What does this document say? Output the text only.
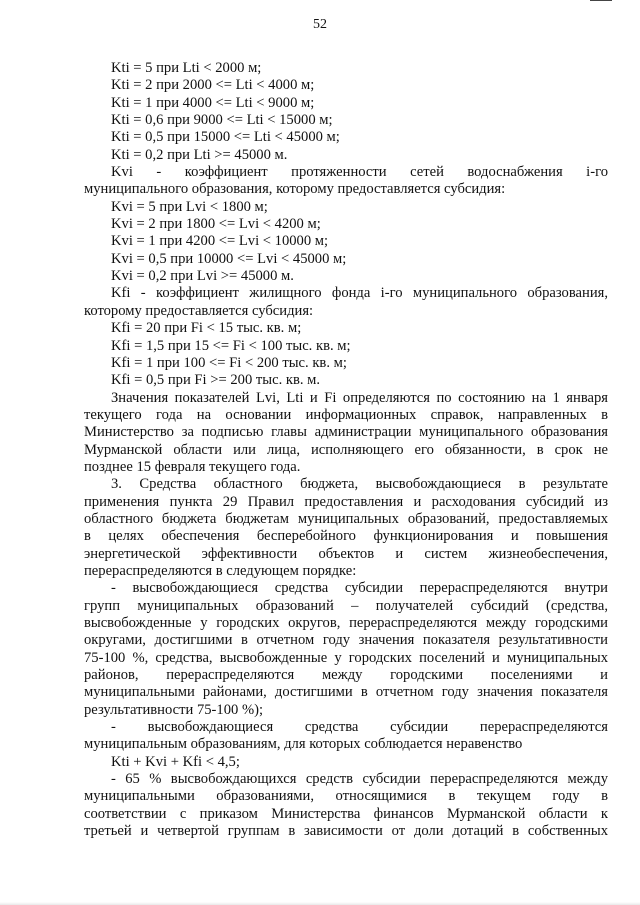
52
Kti = 5 при Lti < 2000 м;
Kti = 2 при 2000 <= Lti < 4000 м;
Kti = 1 при 4000 <= Lti < 9000 м;
Kti = 0,6 при 9000 <= Lti < 15000 м;
Kti = 0,5 при 15000 <= Lti < 45000 м;
Kti = 0,2 при Lti >= 45000 м.
Kvi - коэффициент протяженности сетей водоснабжения i-го
муниципального образования, которому предоставляется субсидия:
Kvi = 5 при Lvi < 1800 м;
Kvi = 2 при 1800 <= Lvi < 4200 м;
Kvi = 1 при 4200 <= Lvi < 10000 м;
Kvi = 0,5 при 10000 <= Lvi < 45000 м;
Kvi = 0,2 при Lvi >= 45000 м.
Kfi - коэффициент жилищного фонда i-го муниципального образования,
которому предоставляется субсидия:
Kfi = 20 при Fi < 15 тыс. кв. м;
Kfi = 1,5 при 15 <= Fi < 100 тыс. кв. м;
Kfi = 1 при 100 <= Fi < 200 тыс. кв. м;
Kfi = 0,5 при Fi >= 200 тыс. кв. м.
Значения показателей Lvi, Lti и Fi определяются по состоянию на 1 января
текущего года на основании информационных справок, направленных в
Министерство за подписью главы администрации муниципального образования
Мурманской области или лица, исполняющего его обязанности, в срок не
позднее 15 февраля текущего года.
3. Средства областного бюджета, высвобождающиеся в результате
применения пункта 29 Правил предоставления и расходования субсидий из
областного бюджета бюджетам муниципальных образований, предоставляемых
в целях обеспечения бесперебойного функционирования и повышения
энергетической эффективности объектов и систем жизнеобеспечения,
перераспределяются в следующем порядке:
- высвобождающиеся средства субсидии перераспределяются внутри
групп муниципальных образований – получателей субсидий (средства,
высвобожденные у городских округов, перераспределяются между городскими
округами, достигшими в отчетном году значения показателя результативности
75-100 %, средства, высвобожденные у городских поселений и муниципальных
районов, перераспределяются между городскими поселениями и
муниципальными районами, достигшими в отчетном году значения показателя
результативности 75-100 %);
- высвобождающиеся средства субсидии перераспределяются
муниципальным образованиям, для которых соблюдается неравенство
Kti + Kvi + Kfi < 4,5;
- 65 % высвобождающихся средств субсидии перераспределяются между
муниципальными образованиями, относящимися в текущем году в
соответствии с приказом Министерства финансов Мурманской области к
третьей и четвертой группам в зависимости от доли дотаций в собственных
